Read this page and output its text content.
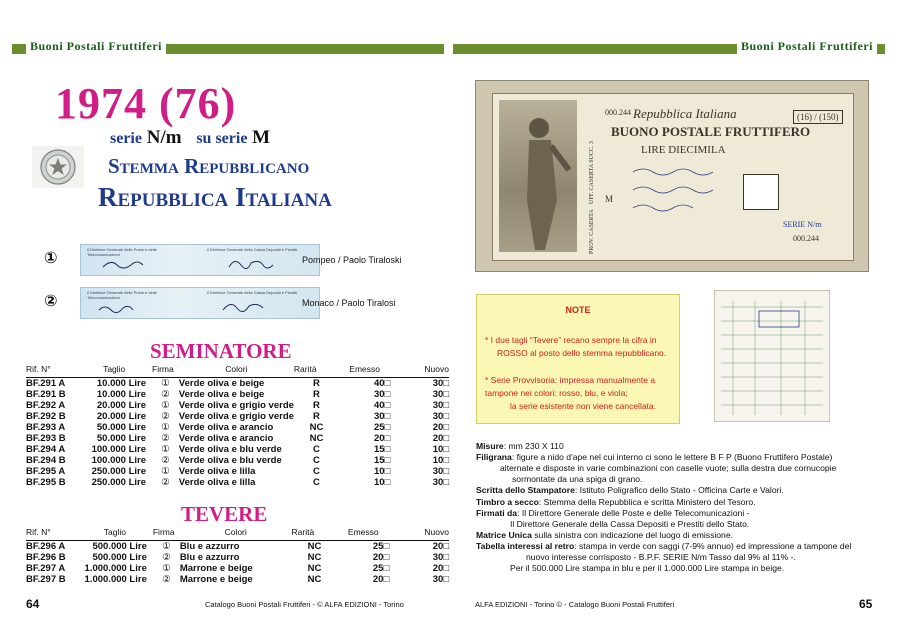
Buoni Postali Fruttiferi
1974 (76)
serie N/m su serie M
Stemma Repubblicano
Repubblica Italiana
①	Il Direttore Generale delle Poste e delle Telecomunicazioni
Il Direttore Generale della Cassa Depositi e Prestiti
Pompeo / Paolo Tiraloski
②	Il Direttore Generale delle Poste e delle Telecomunicazioni
Il Direttore Generale della Cassa Depositi e Prestiti
Monaco / Paolo Tiralosi
SEMINATORE
Rif. N°	Taglio	Firma	Colori	Rarità	Emesso	Nuovo
BF.291 A	10.000 Lire	①	Verde oliva e beige	R	40□	30□
BF.291 B	10.000 Lire	②	Verde oliva e beige	R	30□	30□
BF.292 A	20.000 Lire	①	Verde oliva e grigio verde	R	40□	30□
BF.292 B	20.000 Lire	②	Verde oliva e grigio verde	R	30□	30□
BF.293 A	50.000 Lire	①	Verde oliva e arancio	NC	25□	20□
BF.293 B	50.000 Lire	②	Verde oliva e arancio	NC	20□	20□
BF.294 A	100.000 Lire	①	Verde oliva e blu verde	C	15□	10□
BF.294 B	100.000 Lire	②	Verde oliva e blu verde	C	15□	10□
BF.295 A	250.000 Lire	①	Verde oliva e lilla	C	10□	30□
BF.295 B	250.000 Lire	②	Verde oliva e lilla	C	10□	30□
TEVERE
Rif. N°	Taglio	Firma	Colori	Rarità	Emesso	Nuovo
BF.296 A	500.000 Lire	①	Blu e azzurro	NC	25□	20□
BF.296 B	500.000 Lire	②	Blu e azzurro	NC	20□	30□
BF.297 A	1.000.000 Lire	①	Marrone e beige	NC	25□	20□
BF.297 B	1.000.000 Lire	②	Marrone e beige	NC	20□	30□
64	Catalogo Buoni Postali Fruttiferi - © ALFA EDIZIONI - Torino
Buoni Postali Fruttiferi
Repubblica Italiana
BUONO POSTALE FRUTTIFERO
LIRE DIECIMILA
000.244	(16) / (150)
SERIE N/m
000.244
UFF. CASERTA SUCC. 3
PROV. CASERTA
M
NOTE
* I due tagli “Tevere” recano sempre la cifra in
ROSSO al posto dello stemma repubblicano.
* Serie Provvisoria: impressa manualmente a
tampone nei colori: rosso, blu, e viola;
la serie esistente non viene cancellata.
Misure: mm 230 X 110
Filigrana: figure a nido d'ape nel cui interno ci sono le lettere B F P (Buono Fruttifero Postale)
alternate e disposte in varie combinazioni con caselle vuote; sulla destra due cornucopie
sormontate da una spiga di grano.
Scritta dello Stampatore: Istituto Poligrafico dello Stato - Officina Carte e Valori.
Timbro a secco: Stemma della Repubblica e scritta Ministero del Tesoro.
Firmati da: Il Direttore Generale delle Poste e delle Telecomunicazioni -
Il Direttore Generale della Cassa Depositi e Prestiti dello Stato.
Matrice Unica sulla sinistra con indicazione del luogo di emissione.
Tabella interessi al retro: stampa in verde con saggi (7-9% annuo) ed impressione a tampone del
nuovo interesse corrisposto - B.P.F. SERIE N/m Tasso dal 9% al 11% -.
Per il 500.000 Lire stampa in blu e per il 1.000.000 Lire stampa in beige.
65
ALFA EDIZIONI - Torino © - Catalogo Buoni Postali Fruttiferi
